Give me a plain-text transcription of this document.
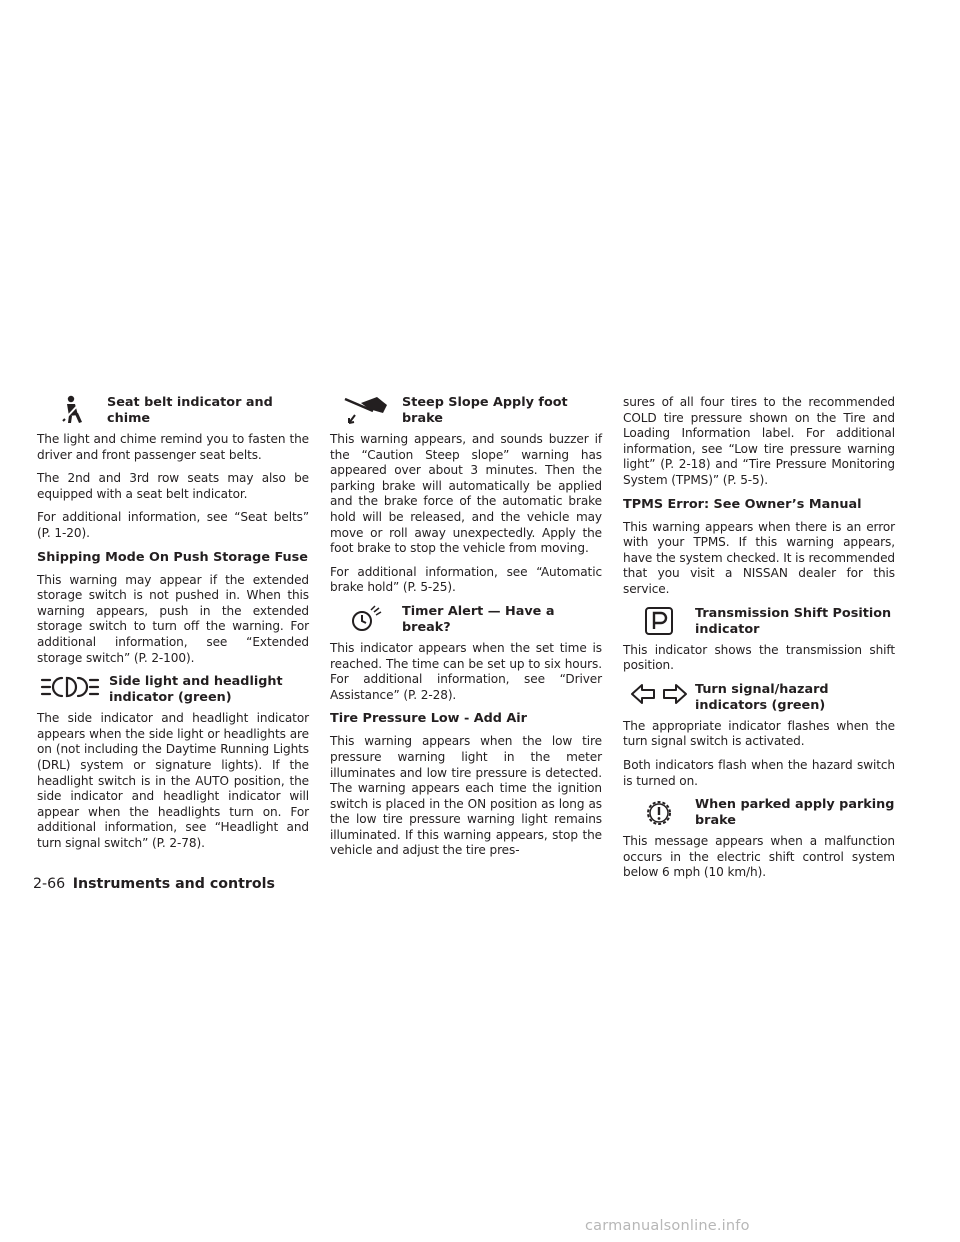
Seat belt indicator and chime

The light and chime remind you to fasten the driver and front passenger seat belts.

The 2nd and 3rd row seats may also be equipped with a seat belt indicator.

For additional information, see “Seat belts” (P. 1-20).

Shipping Mode On Push Storage Fuse

This warning may appear if the extended storage switch is not pushed in. When this warning appears, push in the extended storage switch to turn off the warning. For additional information, see “Extended storage switch” (P. 2-100).

Side light and headlight indicator (green)

The side indicator and headlight indicator appears when the side light or headlights are on (not including the Daytime Running Lights (DRL) system or signature lights). If the headlight switch is in the AUTO position, the side indicator and headlight indicator will appear when the headlights turn on. For additional information, see “Headlight and turn signal switch” (P. 2-78).

Steep Slope Apply foot brake

This warning appears, and sounds buzzer if the “Caution Steep slope” warning has appeared over about 3 minutes. Then the parking brake will automatically be applied and the brake force of the automatic brake hold will be released, and the vehicle may move or roll away unexpectedly. Apply the foot brake to stop the vehicle from moving.

For additional information, see “Automatic brake hold” (P. 5-25).

Timer Alert — Have a break?

This indicator appears when the set time is reached. The time can be set up to six hours. For additional information, see “Driver Assistance” (P. 2-28).

Tire Pressure Low - Add Air

This warning appears when the low tire pressure warning light in the meter illuminates and low tire pressure is detected. The warning appears each time the ignition switch is placed in the ON position as long as the low tire pressure warning light remains illuminated. If this warning appears, stop the vehicle and adjust the tire pres-

sures of all four tires to the recommended COLD tire pressure shown on the Tire and Loading Information label. For additional information, see “Low tire pressure warning light” (P. 2-18) and “Tire Pressure Monitoring System (TPMS)” (P. 5-5).

TPMS Error: See Owner’s Manual

This warning appears when there is an error with your TPMS. If this warning appears, have the system checked. It is recommended that you visit a NISSAN dealer for this service.

Transmission Shift Position indicator

This indicator shows the transmission shift position.

Turn signal/hazard indicators (green)

The appropriate indicator flashes when the turn signal switch is activated.

Both indicators flash when the hazard switch is turned on.

When parked apply parking brake

This message appears when a malfunction occurs in the electric shift control system below 6 mph (10 km/h).

2-66 Instruments and controls
carmanualsonline.info
